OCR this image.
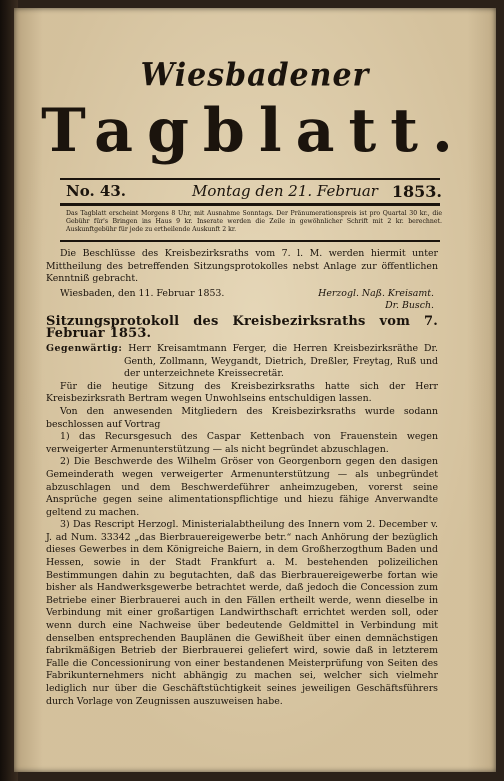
Wiesbadener
Tagblatt.
No. 43.	Montag den 21. Februar 1853.
Das Tagblatt erscheint Morgens 8 Uhr, mit Ausnahme Sonntags. Der Pränumerationspreis ist pro Quartal 30 kr., die Gebühr für's Bringen ins Haus 9 kr. Inserate werden die Zeile in gewöhnlicher Schrift mit 2 kr. berechnet. Auskunftgebühr für jede zu ertheilende Auskunft 2 kr.

Die Beschlüsse des Kreisbezirksraths vom 7. l. M. werden hiermit unter Mittheilung des betreffenden Sitzungsprotokolles nebst Anlage zur öffentlichen Kenntniß gebracht.

Wiesbaden, den 11. Februar 1853.	Herzogl. Naß. Kreisamt.
Dr. Busch.
Sitzungsprotokoll des Kreisbezirksraths vom 7. Februar 1853.

Gegenwärtig: Herr Kreisamtmann Ferger, die Herren Kreisbezirksräthe Dr. Genth, Zollmann, Weygandt, Dietrich, Dreßler, Freytag, Ruß und der unterzeichnete Kreissecretär.

Für die heutige Sitzung des Kreisbezirksraths hatte sich der Herr Kreisbezirksrath Bertram wegen Unwohlseins entschuldigen lassen.

Von den anwesenden Mitgliedern des Kreisbezirksraths wurde sodann beschlossen auf Vortrag

1) das Recursgesuch des Caspar Kettenbach von Frauenstein wegen verweigerter Armenunterstützung — als nicht begründet abzuschlagen.

2) Die Beschwerde des Wilhelm Gröser von Georgenborn gegen den dasigen Gemeinderath wegen verweigerter Armenunterstützung — als unbegründet abzuschlagen und dem Beschwerdeführer anheimzugeben, vorerst seine Ansprüche gegen seine alimentationspflichtige und hiezu fähige Anverwandte geltend zu machen.

3) Das Rescript Herzogl. Ministerialabtheilung des Innern vom 2. December v. J. ad Num. 33342 „das Bierbrauereigewerbe betr.“ nach Anhörung der bezüglich dieses Gewerbes in dem Königreiche Baiern, in dem Großherzogthum Baden und Hessen, sowie in der Stadt Frankfurt a. M. bestehenden polizeilichen Bestimmungen dahin zu begutachten, daß das Bierbrauereigewerbe fortan wie bisher als Handwerksgewerbe betrachtet werde, daß jedoch die Concession zum Betriebe einer Bierbrauerei auch in den Fällen ertheilt werde, wenn dieselbe in Verbindung mit einer großartigen Landwirthschaft errichtet werden soll, oder wenn durch eine Nachweise über bedeutende Geldmittel in Verbindung mit denselben entsprechenden Bauplänen die Gewißheit über einen demnächstigen fabrikmäßigen Betrieb der Bierbrauerei geliefert wird, sowie daß in letzterem Falle die Concessionirung von einer bestandenen Meisterprüfung von Seiten des Fabrikunternehmers nicht abhängig zu machen sei, welcher sich vielmehr lediglich nur über die Geschäftstüchtigkeit seines jeweiligen Geschäftsführers durch Vorlage von Zeugnissen auszuweisen habe.
